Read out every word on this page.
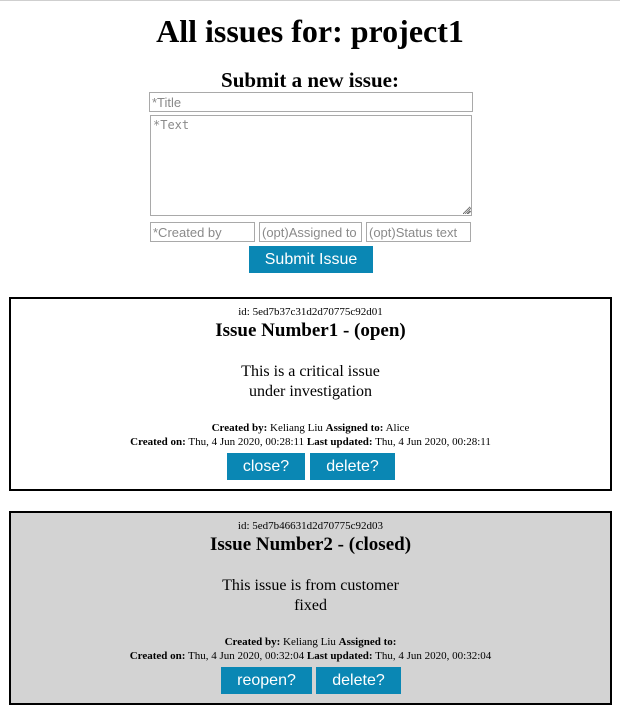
All issues for: project1
Submit a new issue:
*Title
*Text
*Created by
(opt)Assigned to
(opt)Status text
Submit Issue
id: 5ed7b37c31d2d70775c92d01
Issue Number1 - (open)
This is a critical issue
under investigation
Created by: Keliang Liu Assigned to: Alice
Created on: Thu, 4 Jun 2020, 00:28:11 Last updated: Thu, 4 Jun 2020, 00:28:11
close?	delete?
id: 5ed7b46631d2d70775c92d03
Issue Number2 - (closed)
This issue is from customer
fixed
Created by: Keliang Liu Assigned to:
Created on: Thu, 4 Jun 2020, 00:32:04 Last updated: Thu, 4 Jun 2020, 00:32:04
reopen?	delete?
